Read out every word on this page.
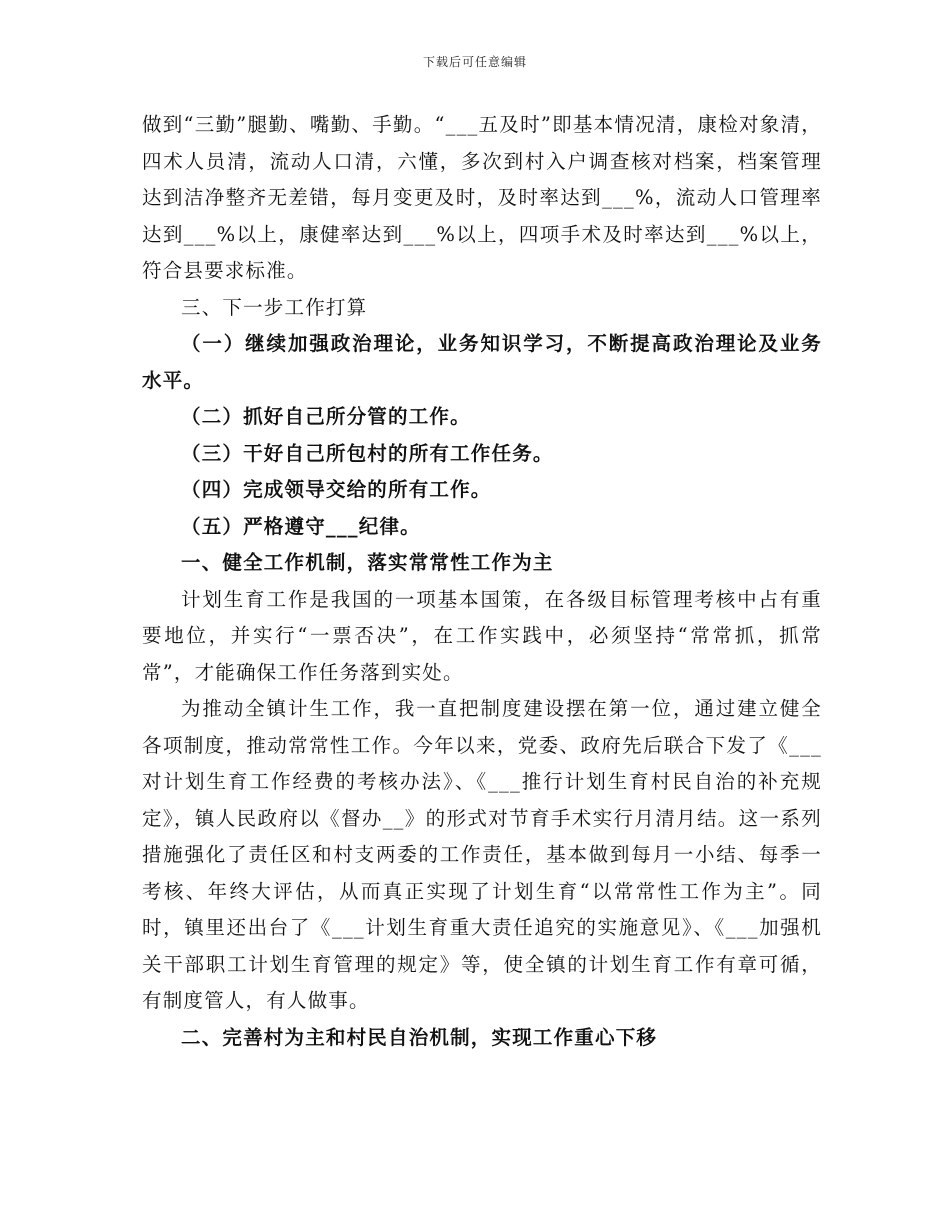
下载后可任意编辑

做到“三勤”腿勤、嘴勤、手勤。“___五及时”即基本情况清，康检对象清，四术人员清，流动人口清，六懂，多次到村入户调查核对档案，档案管理达到洁净整齐无差错，每月变更及时，及时率达到___%，流动人口管理率达到___%以上，康健率达到___%以上，四项手术及时率达到___%以上，符合县要求标准。

三、下一步工作打算

（一）继续加强政治理论，业务知识学习，不断提高政治理论及业务水平。

（二）抓好自己所分管的工作。

（三）干好自己所包村的所有工作任务。

（四）完成领导交给的所有工作。

（五）严格遵守___纪律。

一、健全工作机制，落实常常性工作为主

计划生育工作是我国的一项基本国策，在各级目标管理考核中占有重要地位，并实行“一票否决”，在工作实践中，必须坚持“常常抓，抓常常”，才能确保工作任务落到实处。

为推动全镇计生工作，我一直把制度建设摆在第一位，通过建立健全各项制度，推动常常性工作。今年以来，党委、政府先后联合下发了《___对计划生育工作经费的考核办法》、《___推行计划生育村民自治的补充规定》，镇人民政府以《督办__》的形式对节育手术实行月清月结。这一系列措施强化了责任区和村支两委的工作责任，基本做到每月一小结、每季一考核、年终大评估，从而真正实现了计划生育“以常常性工作为主”。同时，镇里还出台了《___计划生育重大责任追究的实施意见》、《___加强机关干部职工计划生育管理的规定》等，使全镇的计划生育工作有章可循，有制度管人，有人做事。

二、完善村为主和村民自治机制，实现工作重心下移
